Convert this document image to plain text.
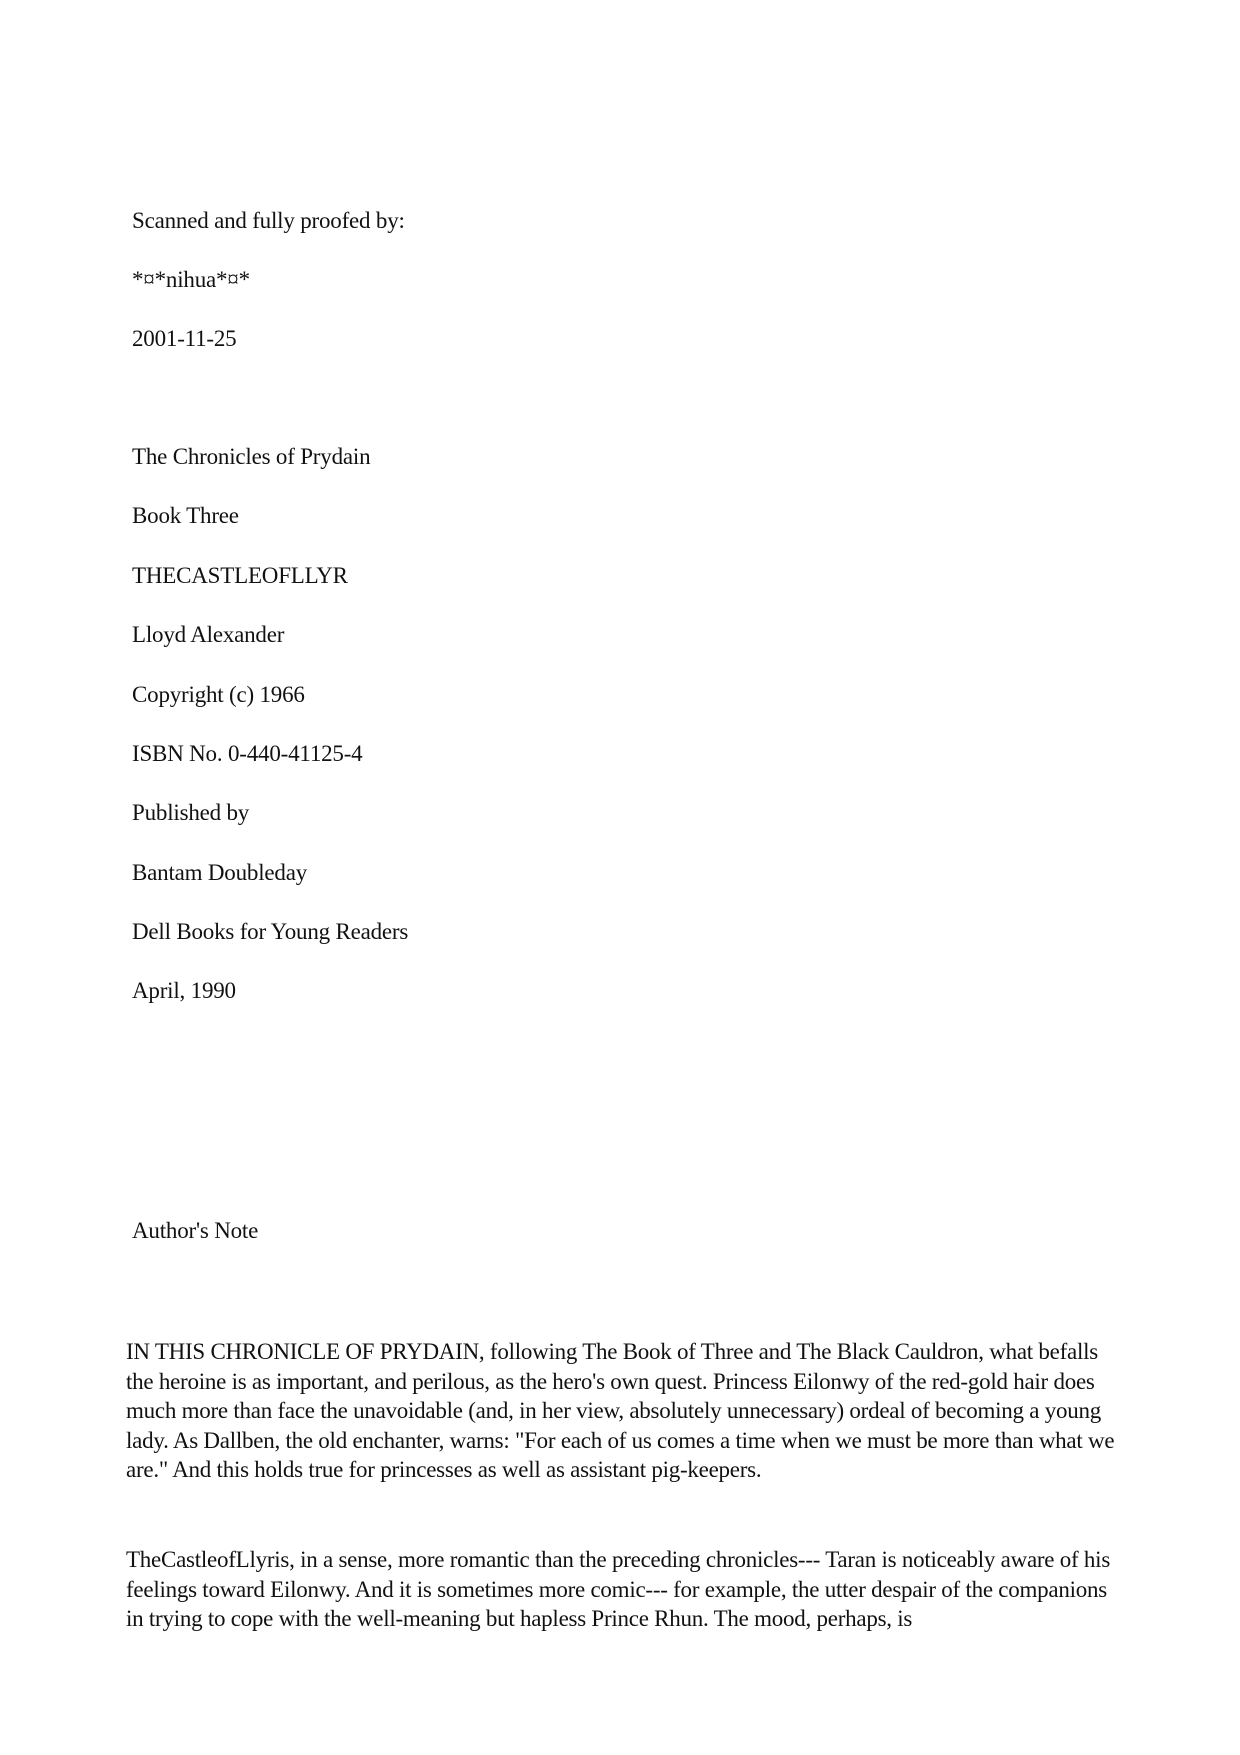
Scanned and fully proofed by:
*¤*nihua*¤*
2001-11-25
The Chronicles of Prydain
Book Three
THECASTLEOFLLYR
Lloyd Alexander
Copyright (c) 1966
ISBN No. 0-440-41125-4
Published by
Bantam Doubleday
Dell Books for Young Readers
April, 1990
Author's Note

IN THIS CHRONICLE OF PRYDAIN, following The Book of Three and The Black Cauldron, what befalls the heroine is as important, and perilous, as the hero's own quest. Princess Eilonwy of the red-gold hair does much more than face the unavoidable (and, in her view, absolutely unnecessary) ordeal of becoming a young lady. As Dallben, the old enchanter, warns: "For each of us comes a time when we must be more than what we are." And this holds true for princesses as well as assistant pig-keepers.

TheCastleofLlyris, in a sense, more romantic than the preceding chronicles--- Taran is noticeably aware of his feelings toward Eilonwy. And it is sometimes more comic--- for example, the utter despair of the companions in trying to cope with the well-meaning but hapless Prince Rhun. The mood, perhaps, is
